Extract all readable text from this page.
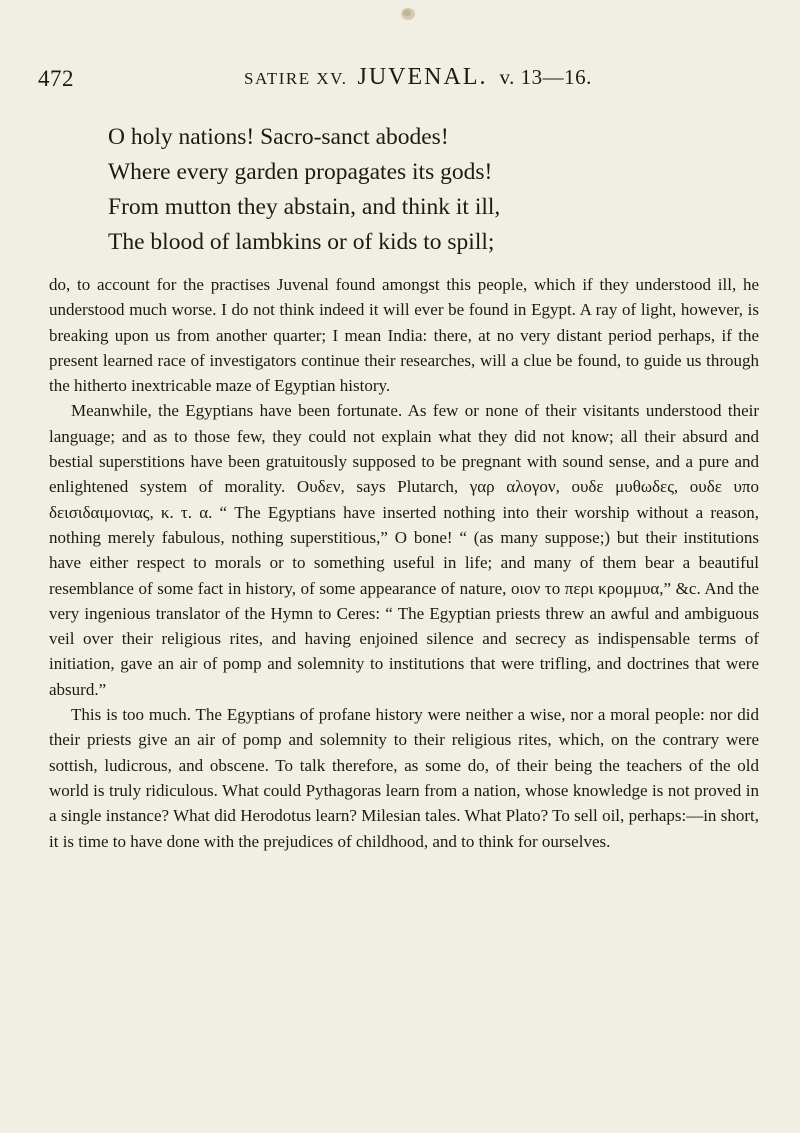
472	SATIRE XV. JUVENAL. v. 13—16.
O holy nations! Sacro-sanct abodes!
Where every garden propagates its gods!
From mutton they abstain, and think it ill,
The blood of lambkins or of kids to spill;

do, to account for the practises Juvenal found amongst this people, which if they understood ill, he understood much worse. I do not think indeed it will ever be found in Egypt. A ray of light, however, is breaking upon us from another quarter; I mean India: there, at no very distant period perhaps, if the present learned race of investigators continue their researches, will a clue be found, to guide us through the hitherto inextricable maze of Egyptian history.

Meanwhile, the Egyptians have been fortunate. As few or none of their visitants understood their language; and as to those few, they could not explain what they did not know; all their absurd and bestial superstitions have been gratuitously supposed to be pregnant with sound sense, and a pure and enlightened system of morality. Ουδεν, says Plutarch, γαρ αλογον, ουδε μυθωδες, ουδε υπο δεισιδαιμονιας, κ. τ. α. “ The Egyptians have inserted nothing into their worship without a reason, nothing merely fabulous, nothing superstitious,” O bone! “ (as many suppose;) but their institutions have either respect to morals or to something useful in life; and many of them bear a beautiful resemblance of some fact in history, of some appearance of nature, οιον το περι κρομμυα,” &c. And the very ingenious translator of the Hymn to Ceres: “ The Egyptian priests threw an awful and ambiguous veil over their religious rites, and having enjoined silence and secrecy as indispensable terms of initiation, gave an air of pomp and solemnity to institutions that were trifling, and doctrines that were absurd.”

This is too much. The Egyptians of profane history were neither a wise, nor a moral people: nor did their priests give an air of pomp and solemnity to their religious rites, which, on the contrary were sottish, ludicrous, and obscene. To talk therefore, as some do, of their being the teachers of the old world is truly ridiculous. What could Pythagoras learn from a nation, whose knowledge is not proved in a single instance? What did Herodotus learn? Milesian tales. What Plato? To sell oil, perhaps:—in short, it is time to have done with the prejudices of childhood, and to think for ourselves.
